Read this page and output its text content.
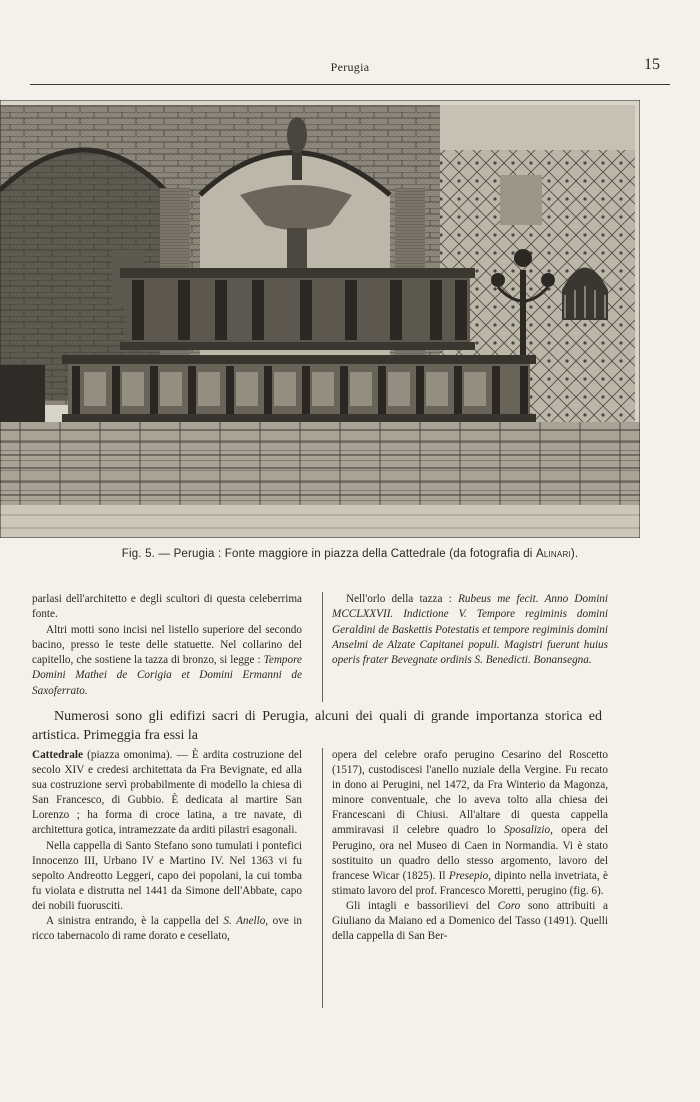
Perugia	15
Fig. 5. — Perugia : Fonte maggiore in piazza della Cattedrale (da fotografia di Alinari).

parlasi dell'architetto e degli scultori di questa celeberrima fonte.

Altri motti sono incisi nel listello superiore del secondo bacino, presso le teste delle statuette. Nel collarino del capitello, che sostiene la tazza di bronzo, si legge : Tempore Domini Mathei de Corigia et Domini Ermanni de Saxoferrato.

Nell'orlo della tazza : Rubeus me fecit. Anno Domini MCCLXXVII. Indictione V. Tempore regiminis domini Geraldini de Baskettis Potestatis et tempore regiminis domini Anselmi de Alzate Capitanei populi. Magistri fuerunt huius operis frater Bevegnate ordinis S. Benedicti. Bonansegna.

Numerosi sono gli edifizi sacri di Perugia, alcuni dei quali di grande importanza storica ed artistica. Primeggia fra essi la

Cattedrale (piazza omonima). — È ardita costruzione del secolo XIV e credesi architettata da Fra Bevignate, ed alla sua costruzione servì probabilmente di modello la chiesa di San Francesco, di Gubbio. È dedicata al martire San Lorenzo ; ha forma di croce latina, a tre navate, di architettura gotica, intramezzate da arditi pilastri esagonali.

Nella cappella di Santo Stefano sono tumulati i pontefici Innocenzo III, Urbano IV e Martino IV. Nel 1363 vi fu sepolto Andreotto Leggeri, capo dei popolani, la cui tomba fu violata e distrutta nel 1441 da Simone dell'Abbate, capo dei nobili fuorusciti.

A sinistra entrando, è la cappella del S. Anello, ove in ricco tabernacolo di rame dorato e cesellato,

opera del celebre orafo perugino Cesarino del Roscetto (1517), custodiscesi l'anello nuziale della Vergine. Fu recato in dono ai Perugini, nel 1472, da Fra Winterio da Magonza, minore conventuale, che lo aveva tolto alla chiesa dei Francescani di Chiusi. All'altare di questa cappella ammiravasi il celebre quadro lo Sposalizio, opera del Perugino, ora nel Museo di Caen in Normandia. Vi è stato sostituito un quadro dello stesso argomento, lavoro del francese Wicar (1825). Il Presepio, dipinto nella invetriata, è stimato lavoro del prof. Francesco Moretti, perugino (fig. 6).

Gli intagli e bassorilievi del Coro sono attribuiti a Giuliano da Maiano ed a Domenico del Tasso (1491). Quelli della cappella di San Ber-
